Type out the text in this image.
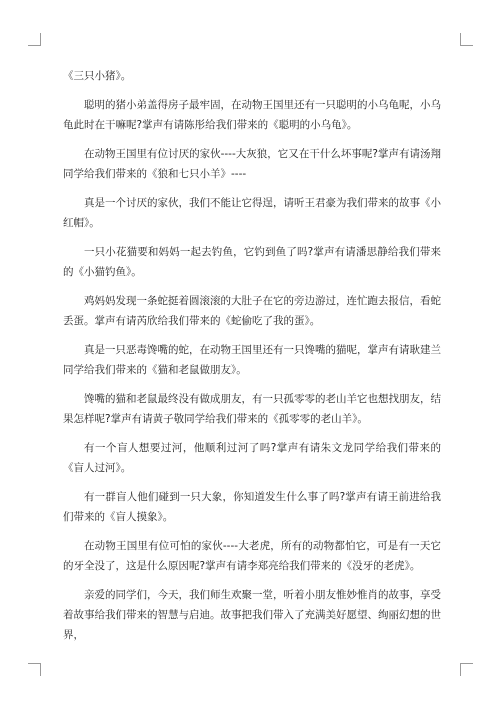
《三只小猪》。

聪明的猪小弟盖得房子最牢固，在动物王国里还有一只聪明的小乌龟呢，小乌龟此时在干嘛呢?掌声有请陈彤给我们带来的《聪明的小乌龟》。

在动物王国里有位讨厌的家伙----大灰狼，它又在干什么坏事呢?掌声有请汤翔同学给我们带来的《狼和七只小羊》----

真是一个讨厌的家伙，我们不能让它得逞，请听王君豪为我们带来的故事《小红帽》。

一只小花猫要和妈妈一起去钓鱼，它钓到鱼了吗?掌声有请潘思静给我们带来的《小猫钓鱼》。

鸡妈妈发现一条蛇挺着圆滚滚的大肚子在它的旁边游过，连忙跑去报信，看蛇丢蛋。掌声有请芮欣给我们带来的《蛇偷吃了我的蛋》。

真是一只恶毒馋嘴的蛇，在动物王国里还有一只馋嘴的猫呢，掌声有请耿建兰同学给我们带来的《猫和老鼠做朋友》。

馋嘴的猫和老鼠最终没有做成朋友，有一只孤零零的老山羊它也想找朋友，结果怎样呢?掌声有请黄子敬同学给我们带来的《孤零零的老山羊》。

有一个盲人想要过河，他顺利过河了吗?掌声有请朱文龙同学给我们带来的《盲人过河》。

有一群盲人他们碰到一只大象，你知道发生什么事了吗?掌声有请王前进给我们带来的《盲人摸象》。

在动物王国里有位可怕的家伙----大老虎，所有的动物都怕它，可是有一天它的牙全没了，这是什么原因呢?掌声有请李郑亮给我们带来的《没牙的老虎》。

亲爱的同学们，今天，我们师生欢聚一堂，听着小朋友惟妙惟肖的故事，享受着故事给我们带来的智慧与启迪。故事把我们带入了充满美好愿望、绚丽幻想的世界，
